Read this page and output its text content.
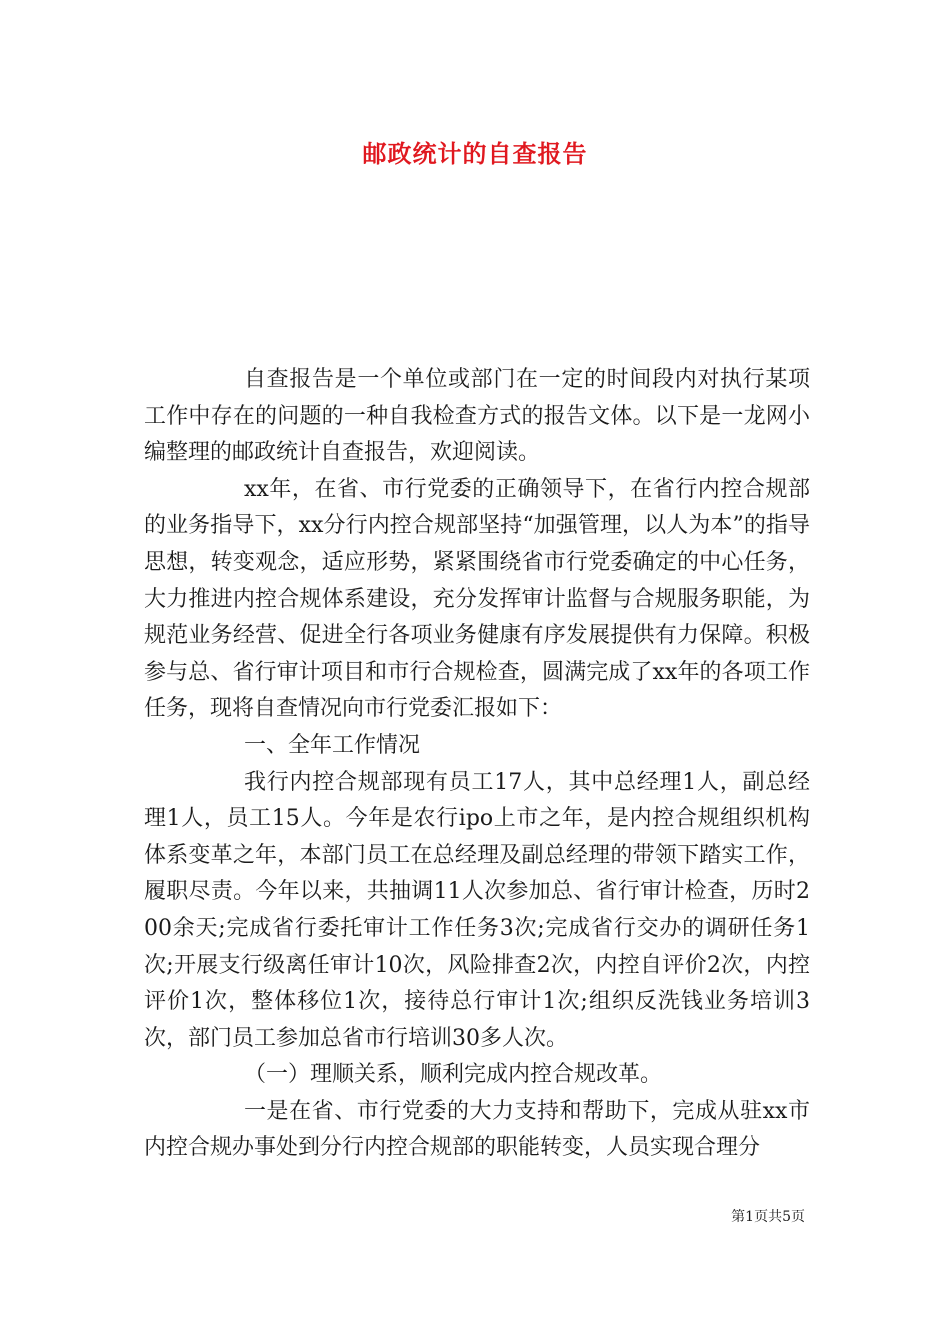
邮政统计的自查报告

自查报告是一个单位或部门在一定的时间段内对执行某项工作中存在的问题的一种自我检查方式的报告文体。以下是一龙网小编整理的邮政统计自查报告，欢迎阅读。

xx年，在省、市行党委的正确领导下，在省行内控合规部的业务指导下，xx分行内控合规部坚持“加强管理，以人为本”的指导思想，转变观念，适应形势，紧紧围绕省市行党委确定的中心任务，大力推进内控合规体系建设，充分发挥审计监督与合规服务职能，为规范业务经营、促进全行各项业务健康有序发展提供有力保障。积极参与总、省行审计项目和市行合规检查，圆满完成了xx年的各项工作任务，现将自查情况向市行党委汇报如下：

一、全年工作情况

我行内控合规部现有员工17人，其中总经理1人，副总经理1人，员工15人。今年是农行ipo上市之年，是内控合规组织机构体系变革之年，本部门员工在总经理及副总经理的带领下踏实工作，履职尽责。今年以来，共抽调11人次参加总、省行审计检查，历时200余天;完成省行委托审计工作任务3次;完成省行交办的调研任务1次;开展支行级离任审计10次，风险排查2次，内控自评价2次，内控评价1次，整体移位1次，接待总行审计1次;组织反洗钱业务培训3次，部门员工参加总省市行培训30多人次。

（一）理顺关系，顺利完成内控合规改革。

一是在省、市行党委的大力支持和帮助下，完成从驻xx市内控合规办事处到分行内控合规部的职能转变，人员实现合理分

第1页共5页
